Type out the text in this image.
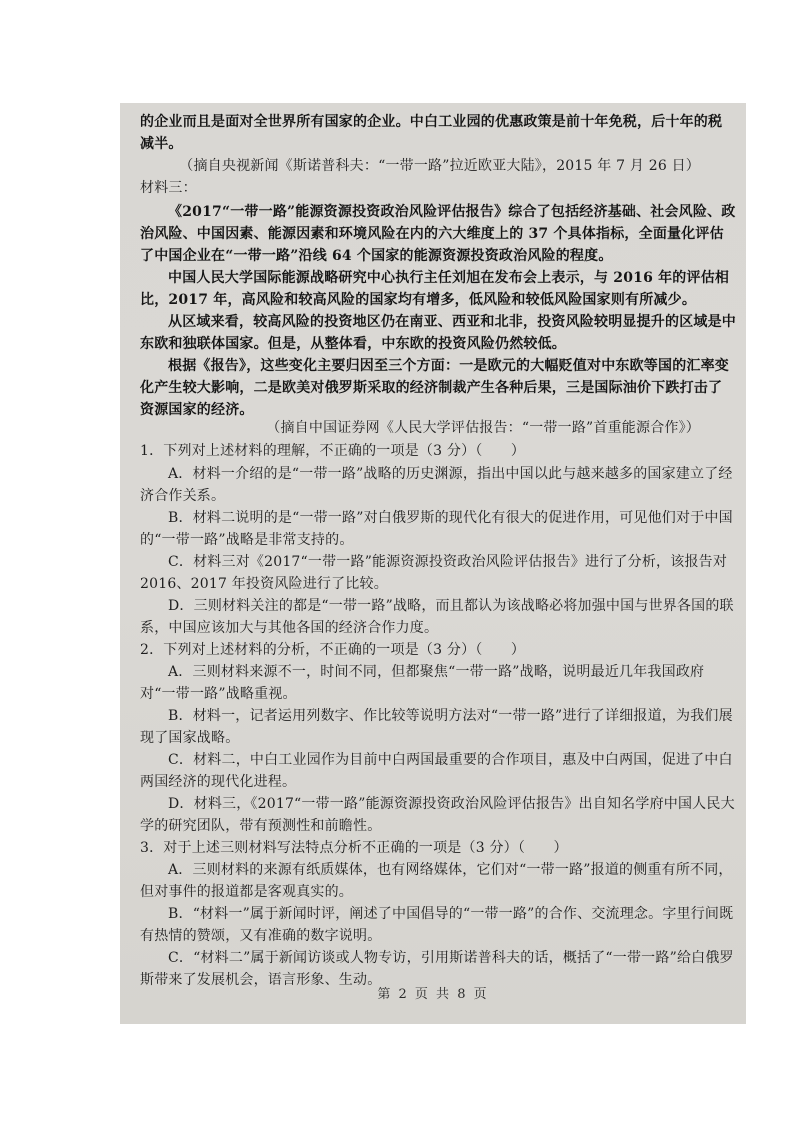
的企业而且是面对全世界所有国家的企业。中白工业园的优惠政策是前十年免税，后十年的税减半。

（摘自央视新闻《斯诺普科夫：“一带一路”拉近欧亚大陆》，2015 年 7 月 26 日）

材料三：

《2017“一带一路”能源资源投资政治风险评估报告》综合了包括经济基础、社会风险、政治风险、中国因素、能源因素和环境风险在内的六大维度上的 37 个具体指标，全面量化评估了中国企业在“一带一路”沿线 64 个国家的能源资源投资政治风险的程度。

中国人民大学国际能源战略研究中心执行主任刘旭在发布会上表示，与 2016 年的评估相比，2017 年，高风险和较高风险的国家均有增多，低风险和较低风险国家则有所减少。

从区域来看，较高风险的投资地区仍在南亚、西亚和北非，投资风险较明显提升的区域是中东欧和独联体国家。但是，从整体看，中东欧的投资风险仍然较低。

根据《报告》，这些变化主要归因至三个方面：一是欧元的大幅贬值对中东欧等国的汇率变化产生较大影响，二是欧美对俄罗斯采取的经济制裁产生各种后果，三是国际油价下跌打击了资源国家的经济。

（摘自中国证券网《人民大学评估报告：“一带一路”首重能源合作》）

1．下列对上述材料的理解，不正确的一项是（3 分）（　　）

A．材料一介绍的是“一带一路”战略的历史渊源，指出中国以此与越来越多的国家建立了经济合作关系。

B．材料二说明的是“一带一路”对白俄罗斯的现代化有很大的促进作用，可见他们对于中国的“一带一路”战略是非常支持的。

C．材料三对《2017“一带一路”能源资源投资政治风险评估报告》进行了分析，该报告对 2016、2017 年投资风险进行了比较。

D．三则材料关注的都是“一带一路”战略，而且都认为该战略必将加强中国与世界各国的联系，中国应该加大与其他各国的经济合作力度。

2．下列对上述材料的分析，不正确的一项是（3 分）（　　）

A．三则材料来源不一，时间不同，但都聚焦“一带一路”战略，说明最近几年我国政府对“一带一路”战略重视。

B．材料一，记者运用列数字、作比较等说明方法对“一带一路”进行了详细报道，为我们展现了国家战略。

C．材料二，中白工业园作为目前中白两国最重要的合作项目，惠及中白两国，促进了中白两国经济的现代化进程。

D．材料三，《2017“一带一路”能源资源投资政治风险评估报告》出自知名学府中国人民大学的研究团队，带有预测性和前瞻性。

3．对于上述三则材料写法特点分析不正确的一项是（3 分）（　　）

A．三则材料的来源有纸质媒体，也有网络媒体，它们对“一带一路”报道的侧重有所不同，但对事件的报道都是客观真实的。

B．“材料一”属于新闻时评，阐述了中国倡导的“一带一路”的合作、交流理念。字里行间既有热情的赞颂，又有准确的数字说明。

C．“材料二”属于新闻访谈或人物专访，引用斯诺普科夫的话，概括了“一带一路”给白俄罗斯带来了发展机会，语言形象、生动。

第 2 页 共 8 页
